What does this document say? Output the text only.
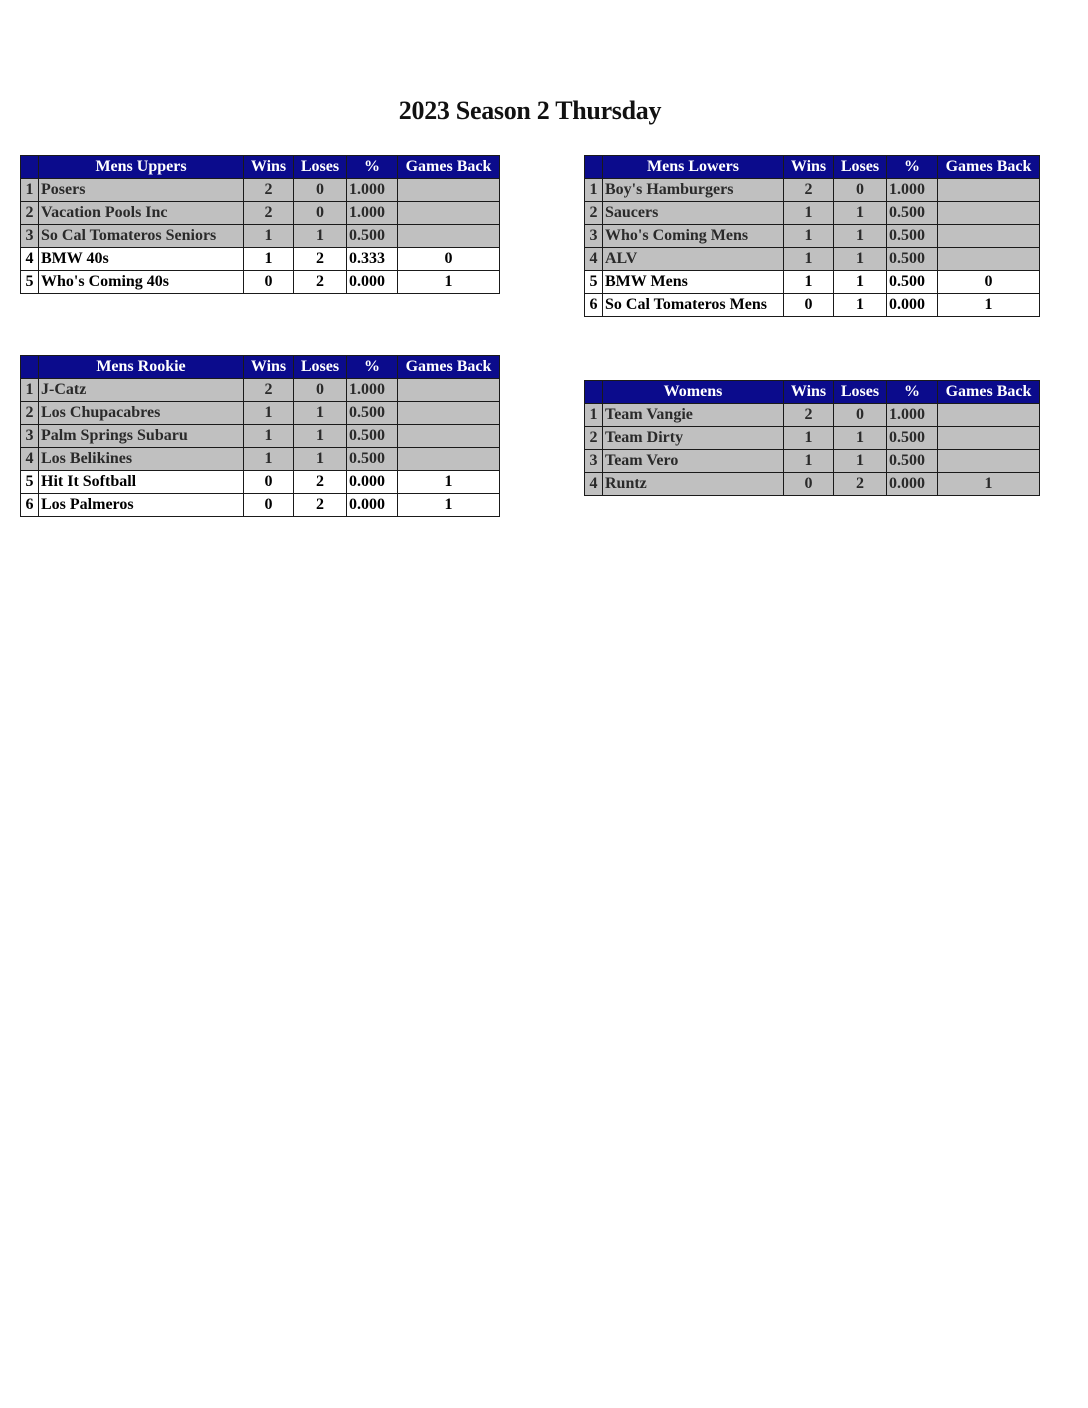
2023 Season 2 Thursday
	Mens Uppers	Wins	Loses	%	Games Back
1	Posers	2	0	1.000	
2	Vacation Pools Inc	2	0	1.000	
3	So Cal Tomateros Seniors	1	1	0.500	
4	BMW 40s	1	2	0.333	0
5	Who's Coming 40s	0	2	0.000	1
	Mens Lowers	Wins	Loses	%	Games Back
1	Boy's Hamburgers	2	0	1.000	
2	Saucers	1	1	0.500	
3	Who's Coming Mens	1	1	0.500	
4	ALV	1	1	0.500	
5	BMW Mens	1	1	0.500	0
6	So Cal Tomateros Mens	0	1	0.000	1
	Mens Rookie	Wins	Loses	%	Games Back
1	J-Catz	2	0	1.000	
2	Los Chupacabres	1	1	0.500	
3	Palm Springs Subaru	1	1	0.500	
4	Los Belikines	1	1	0.500	
5	Hit It Softball	0	2	0.000	1
6	Los Palmeros	0	2	0.000	1
	Womens	Wins	Loses	%	Games Back
1	Team Vangie	2	0	1.000	
2	Team Dirty	1	1	0.500	
3	Team Vero	1	1	0.500	
4	Runtz	0	2	0.000	1
